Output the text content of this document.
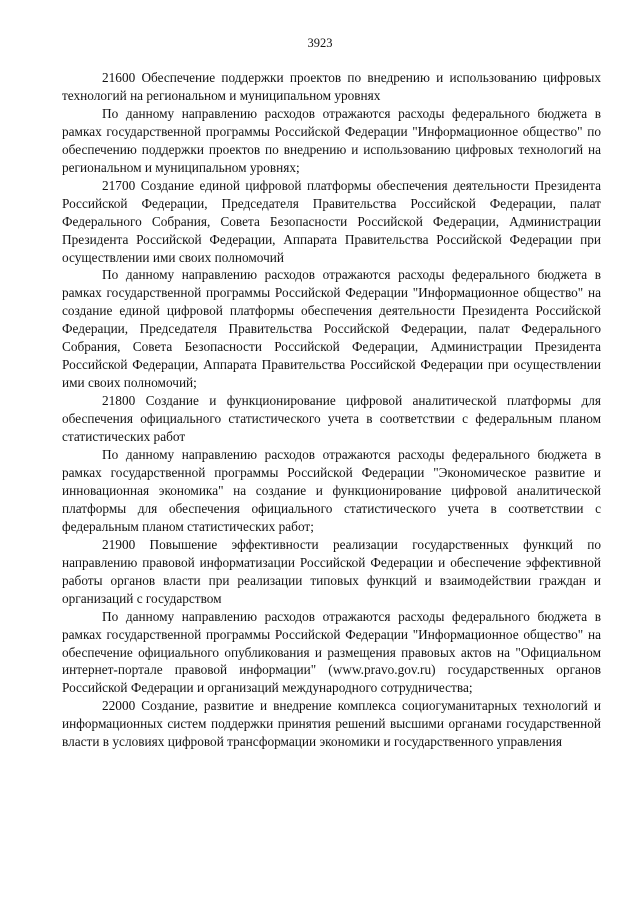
3923

21600 Обеспечение поддержки проектов по внедрению и использованию цифровых технологий на региональном и муниципальном уровнях

По данному направлению расходов отражаются расходы федерального бюджета в рамках государственной программы Российской Федерации "Информационное общество" по обеспечению поддержки проектов по внедрению и использованию цифровых технологий на региональном и муниципальном уровнях;

21700 Создание единой цифровой платформы обеспечения деятельности Президента Российской Федерации, Председателя Правительства Российской Федерации, палат Федерального Собрания, Совета Безопасности Российской Федерации, Администрации Президента Российской Федерации, Аппарата Правительства Российской Федерации при осуществлении ими своих полномочий

По данному направлению расходов отражаются расходы федерального бюджета в рамках государственной программы Российской Федерации "Информационное общество" на создание единой цифровой платформы обеспечения деятельности Президента Российской Федерации, Председателя Правительства Российской Федерации, палат Федерального Собрания, Совета Безопасности Российской Федерации, Администрации Президента Российской Федерации, Аппарата Правительства Российской Федерации при осуществлении ими своих полномочий;

21800 Создание и функционирование цифровой аналитической платформы для обеспечения официального статистического учета в соответствии с федеральным планом статистических работ

По данному направлению расходов отражаются расходы федерального бюджета в рамках государственной программы Российской Федерации "Экономическое развитие и инновационная экономика" на создание и функционирование цифровой аналитической платформы для обеспечения официального статистического учета в соответствии с федеральным планом статистических работ;

21900 Повышение эффективности реализации государственных функций по направлению правовой информатизации Российской Федерации и обеспечение эффективной работы органов власти при реализации типовых функций и взаимодействии граждан и организаций с государством

По данному направлению расходов отражаются расходы федерального бюджета в рамках государственной программы Российской Федерации "Информационное общество" на обеспечение официального опубликования и размещения правовых актов на "Официальном интернет-портале правовой информации" (www.pravo.gov.ru) государственных органов Российской Федерации и организаций международного сотрудничества;

22000 Создание, развитие и внедрение комплекса социогуманитарных технологий и информационных систем поддержки принятия решений высшими органами государственной власти в условиях цифровой трансформации экономики и государственного управления
